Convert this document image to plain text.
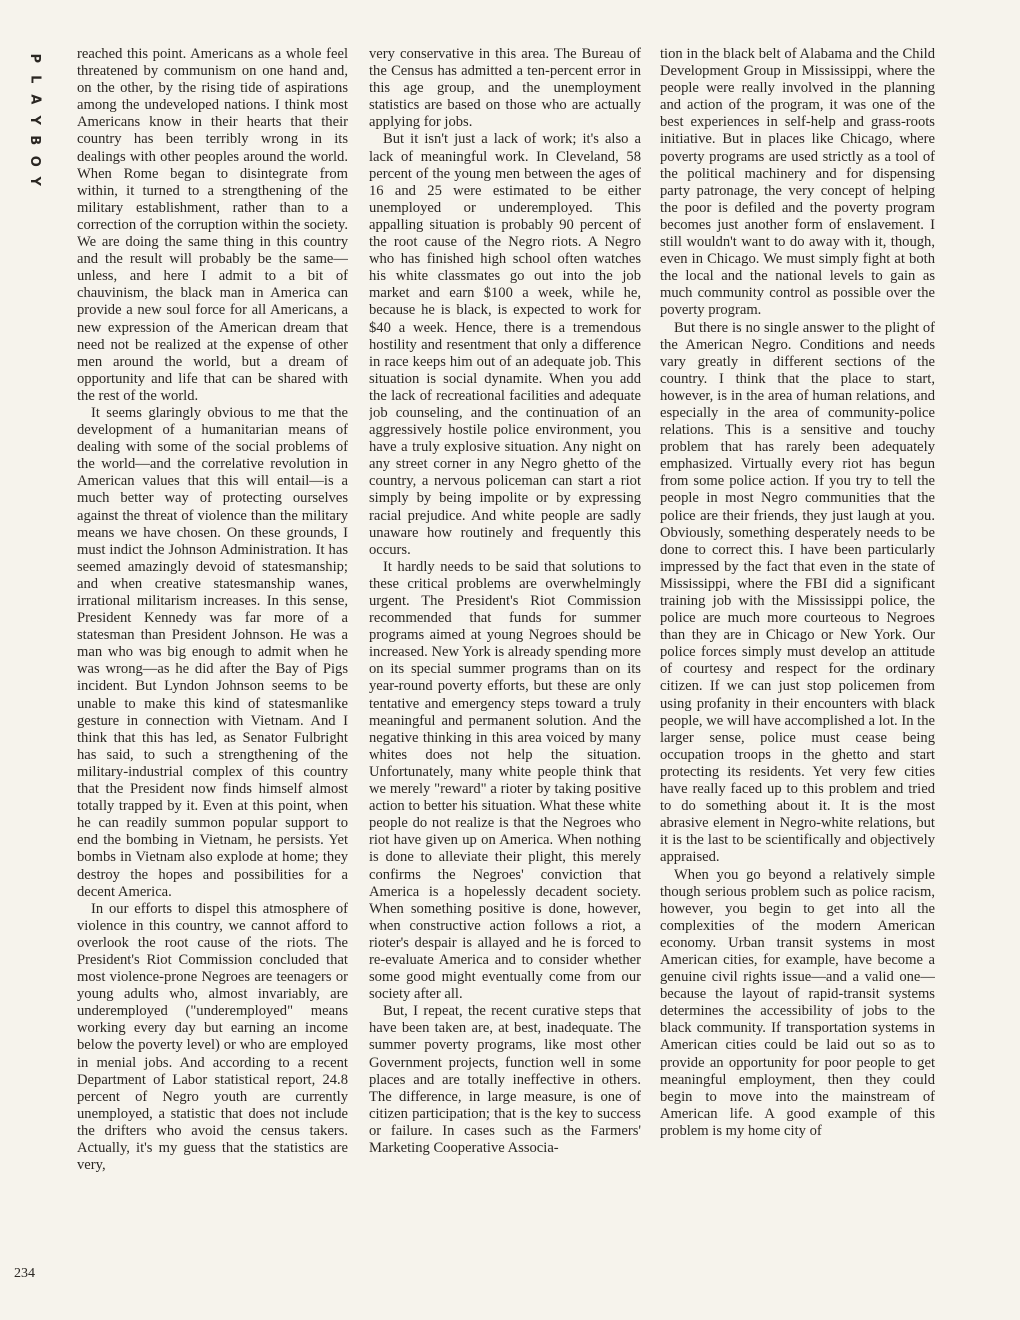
P
L
A
Y
B
O
Y
234

reached this point. Americans as a whole feel threatened by communism on one hand and, on the other, by the rising tide of aspirations among the undeveloped nations. I think most Americans know in their hearts that their country has been terribly wrong in its dealings with other peoples around the world. When Rome began to disintegrate from within, it turned to a strengthening of the military establishment, rather than to a correction of the corruption within the society. We are doing the same thing in this country and the result will probably be the same—unless, and here I admit to a bit of chauvinism, the black man in America can provide a new soul force for all Americans, a new expression of the American dream that need not be realized at the expense of other men around the world, but a dream of opportunity and life that can be shared with the rest of the world.

It seems glaringly obvious to me that the development of a humanitarian means of dealing with some of the social problems of the world—and the correlative revolution in American values that this will entail—is a much better way of protecting ourselves against the threat of violence than the military means we have chosen. On these grounds, I must indict the Johnson Administration. It has seemed amazingly devoid of statesmanship; and when creative statesmanship wanes, irrational militarism increases. In this sense, President Kennedy was far more of a statesman than President Johnson. He was a man who was big enough to admit when he was wrong—as he did after the Bay of Pigs incident. But Lyndon Johnson seems to be unable to make this kind of statesmanlike gesture in connection with Vietnam. And I think that this has led, as Senator Fulbright has said, to such a strengthening of the military-industrial complex of this country that the President now finds himself almost totally trapped by it. Even at this point, when he can readily summon popular support to end the bombing in Vietnam, he persists. Yet bombs in Vietnam also explode at home; they destroy the hopes and possibilities for a decent America.

In our efforts to dispel this atmosphere of violence in this country, we cannot afford to overlook the root cause of the riots. The President's Riot Commission concluded that most violence-prone Negroes are teenagers or young adults who, almost invariably, are underemployed ("underemployed" means working every day but earning an income below the poverty level) or who are employed in menial jobs. And according to a recent Department of Labor statistical report, 24.8 percent of Negro youth are currently unemployed, a statistic that does not include the drifters who avoid the census takers. Actually, it's my guess that the statistics are very,

very conservative in this area. The Bureau of the Census has admitted a ten-percent error in this age group, and the unemployment statistics are based on those who are actually applying for jobs.

But it isn't just a lack of work; it's also a lack of meaningful work. In Cleveland, 58 percent of the young men between the ages of 16 and 25 were estimated to be either unemployed or underemployed. This appalling situation is probably 90 percent of the root cause of the Negro riots. A Negro who has finished high school often watches his white classmates go out into the job market and earn $100 a week, while he, because he is black, is expected to work for $40 a week. Hence, there is a tremendous hostility and resentment that only a difference in race keeps him out of an adequate job. This situation is social dynamite. When you add the lack of recreational facilities and adequate job counseling, and the continuation of an aggressively hostile police environment, you have a truly explosive situation. Any night on any street corner in any Negro ghetto of the country, a nervous policeman can start a riot simply by being impolite or by expressing racial prejudice. And white people are sadly unaware how routinely and frequently this occurs.

It hardly needs to be said that solutions to these critical problems are overwhelmingly urgent. The President's Riot Commission recommended that funds for summer programs aimed at young Negroes should be increased. New York is already spending more on its special summer programs than on its year-round poverty efforts, but these are only tentative and emergency steps toward a truly meaningful and permanent solution. And the negative thinking in this area voiced by many whites does not help the situation. Unfortunately, many white people think that we merely "reward" a rioter by taking positive action to better his situation. What these white people do not realize is that the Negroes who riot have given up on America. When nothing is done to alleviate their plight, this merely confirms the Negroes' conviction that America is a hopelessly decadent society. When something positive is done, however, when constructive action follows a riot, a rioter's despair is allayed and he is forced to re-evaluate America and to consider whether some good might eventually come from our society after all.

But, I repeat, the recent curative steps that have been taken are, at best, inadequate. The summer poverty programs, like most other Government projects, function well in some places and are totally ineffective in others. The difference, in large measure, is one of citizen participation; that is the key to success or failure. In cases such as the Farmers' Marketing Cooperative Associa-

tion in the black belt of Alabama and the Child Development Group in Mississippi, where the people were really involved in the planning and action of the program, it was one of the best experiences in self-help and grass-roots initiative. But in places like Chicago, where poverty programs are used strictly as a tool of the political machinery and for dispensing party patronage, the very concept of helping the poor is defiled and the poverty program becomes just another form of enslavement. I still wouldn't want to do away with it, though, even in Chicago. We must simply fight at both the local and the national levels to gain as much community control as possible over the poverty program.

But there is no single answer to the plight of the American Negro. Conditions and needs vary greatly in different sections of the country. I think that the place to start, however, is in the area of human relations, and especially in the area of community-police relations. This is a sensitive and touchy problem that has rarely been adequately emphasized. Virtually every riot has begun from some police action. If you try to tell the people in most Negro communities that the police are their friends, they just laugh at you. Obviously, something desperately needs to be done to correct this. I have been particularly impressed by the fact that even in the state of Mississippi, where the FBI did a significant training job with the Mississippi police, the police are much more courteous to Negroes than they are in Chicago or New York. Our police forces simply must develop an attitude of courtesy and respect for the ordinary citizen. If we can just stop policemen from using profanity in their encounters with black people, we will have accomplished a lot. In the larger sense, police must cease being occupation troops in the ghetto and start protecting its residents. Yet very few cities have really faced up to this problem and tried to do something about it. It is the most abrasive element in Negro-white relations, but it is the last to be scientifically and objectively appraised.

When you go beyond a relatively simple though serious problem such as police racism, however, you begin to get into all the complexities of the modern American economy. Urban transit systems in most American cities, for example, have become a genuine civil rights issue—and a valid one—because the layout of rapid-transit systems determines the accessibility of jobs to the black community. If transportation systems in American cities could be laid out so as to provide an opportunity for poor people to get meaningful employment, then they could begin to move into the mainstream of American life. A good example of this problem is my home city of
